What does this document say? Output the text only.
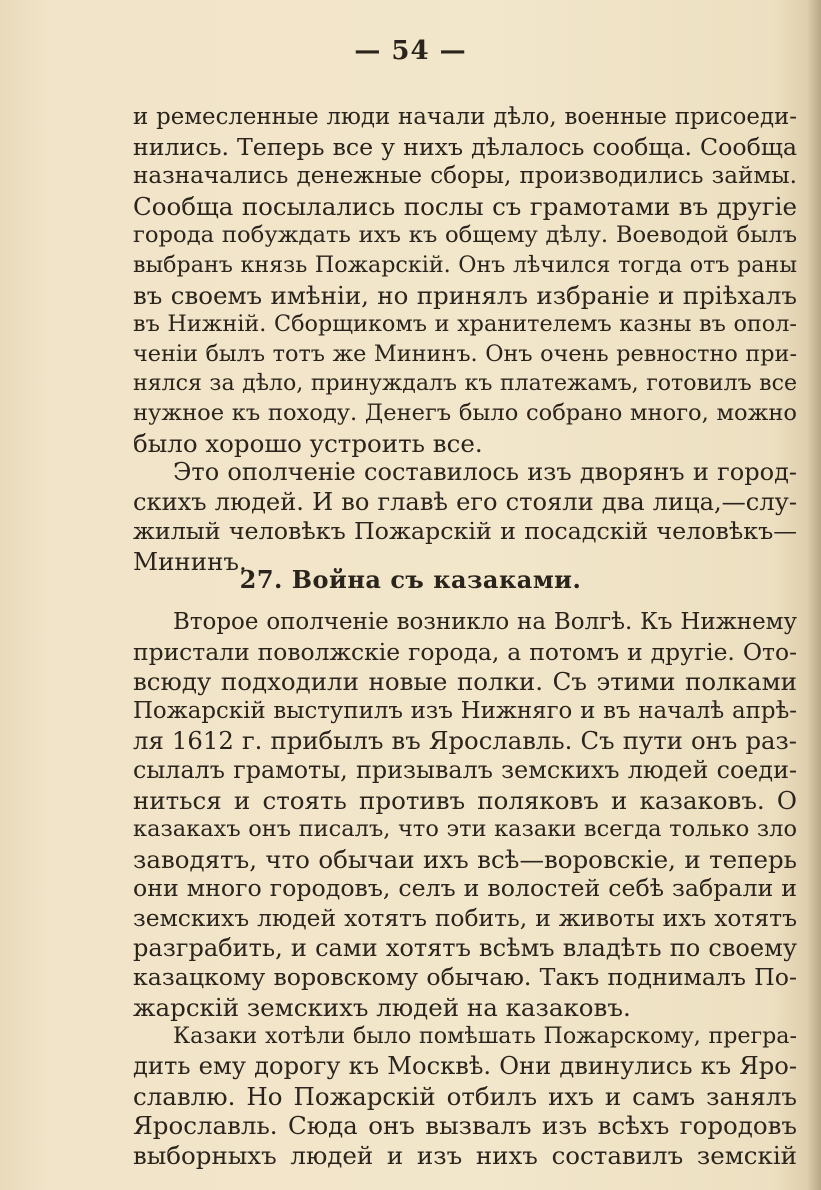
— 54 —
и ремесленные люди начали дѣло, военные присоеди-
нились. Теперь все у нихъ дѣлалось сообща. Сообща
назначались денежные сборы, производились займы.
Сообща посылались послы съ грамотами въ другіе
города побуждать ихъ къ общему дѣлу. Воеводой былъ
выбранъ князь Пожарскій. Онъ лѣчился тогда отъ раны
въ своемъ имѣніи, но принялъ избраніе и пріѣхалъ
въ Нижній. Сборщикомъ и хранителемъ казны въ опол-
ченіи былъ тотъ же Мининъ. Онъ очень ревностно при-
нялся за дѣло, принуждалъ къ платежамъ, готовилъ все
нужное къ походу. Денегъ было собрано много, можно
было хорошо устроить все.
Это ополченіе составилось изъ дворянъ и город-
скихъ людей. И во главѣ его стояли два лица,—слу-
жилый человѣкъ Пожарскій и посадскій человѣкъ—
Мининъ.
27. Война съ казаками.
Второе ополченіе возникло на Волгѣ. Къ Нижнему
пристали поволжскіе города, а потомъ и другіе. Ото-
всюду подходили новые полки. Съ этими полками
Пожарскій выступилъ изъ Нижняго и въ началѣ апрѣ-
ля 1612 г. прибылъ въ Ярославль. Съ пути онъ раз-
сылалъ грамоты, призывалъ земскихъ людей соеди-
ниться и стоять противъ поляковъ и казаковъ. О
казакахъ онъ писалъ, что эти казаки всегда только зло
заводятъ, что обычаи ихъ всѣ—воровскіе, и теперь
они много городовъ, селъ и волостей себѣ забрали и
земскихъ людей хотятъ побить, и животы ихъ хотятъ
разграбить, и сами хотятъ всѣмъ владѣть по своему
казацкому воровскому обычаю. Такъ поднималъ По-
жарскій земскихъ людей на казаковъ.
Казаки хотѣли было помѣшать Пожарскому, прегра-
дить ему дорогу къ Москвѣ. Они двинулись къ Яро-
славлю. Но Пожарскій отбилъ ихъ и самъ занялъ
Ярославль. Сюда онъ вызвалъ изъ всѣхъ городовъ
выборныхъ людей и изъ нихъ составилъ земскій
